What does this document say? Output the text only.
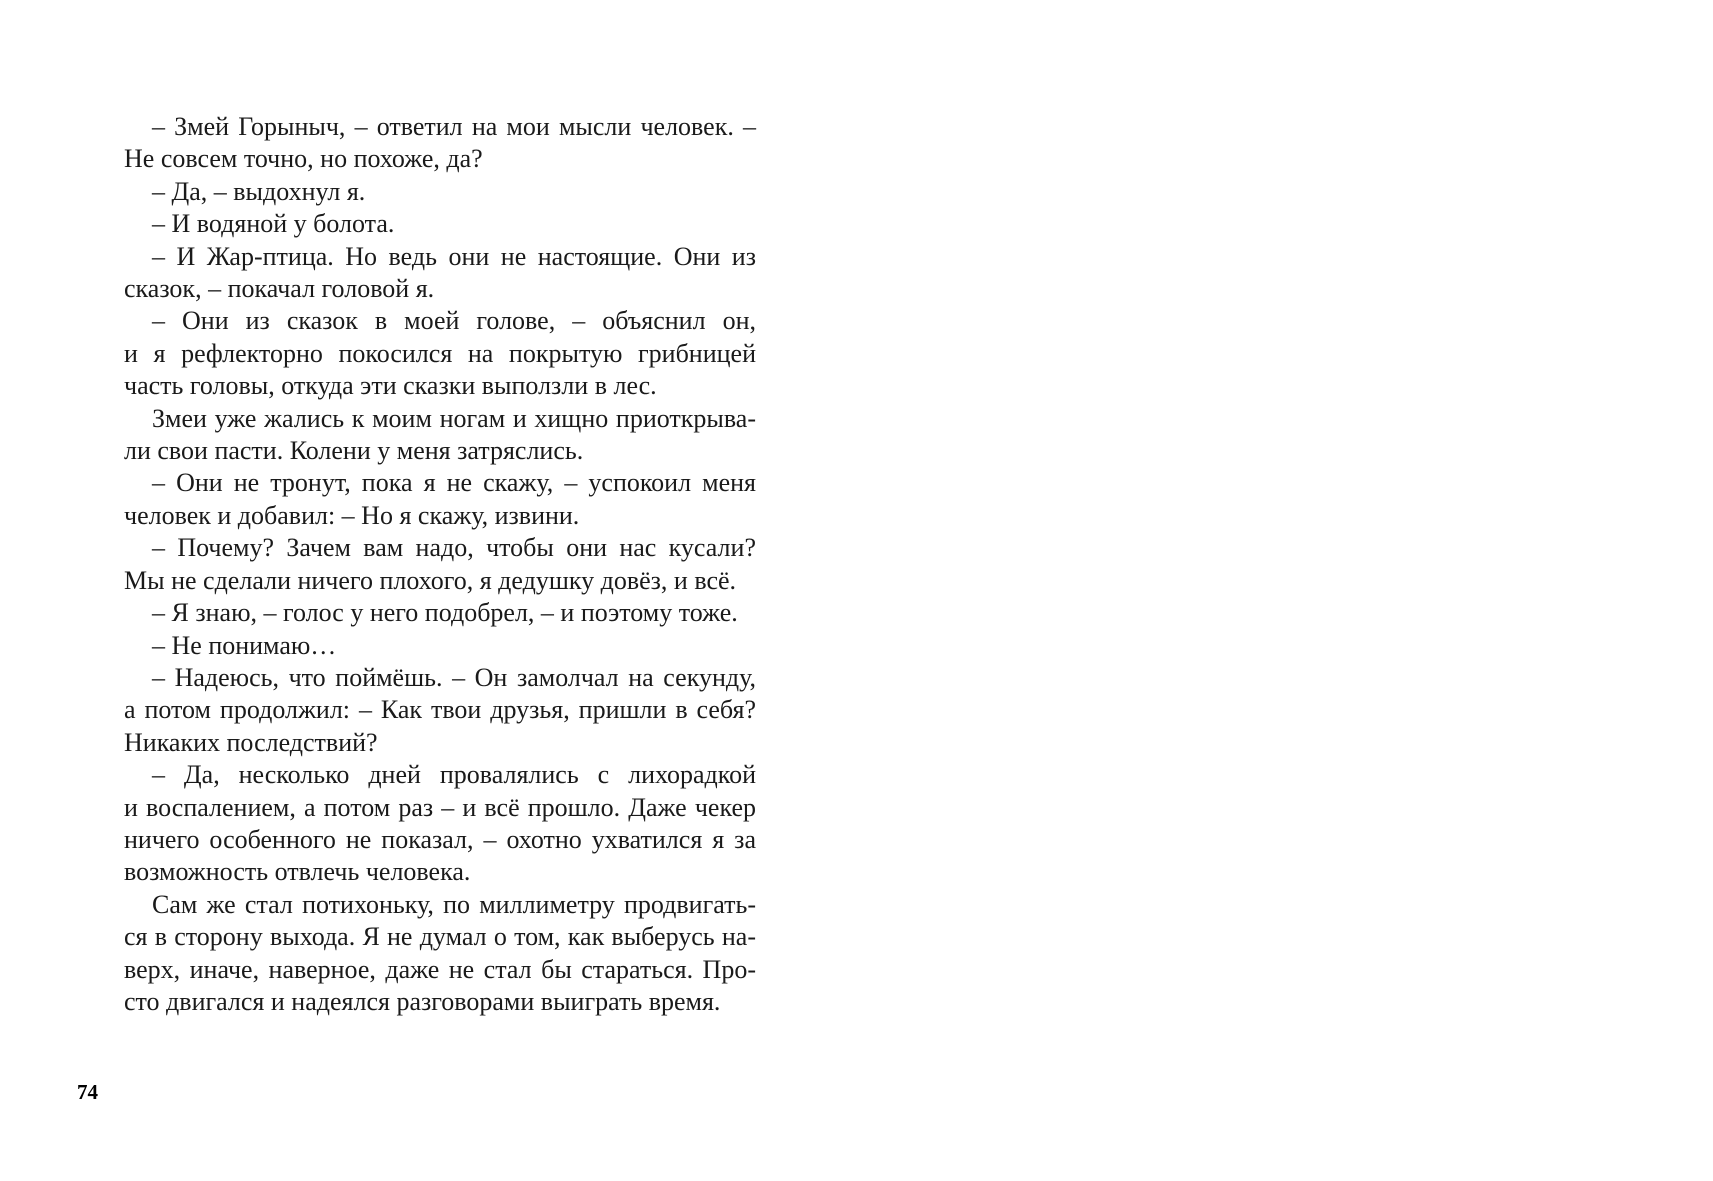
– Змей Горыныч, – ответил на мои мысли человек. –
Не совсем точно, но похоже, да?

– Да, – выдохнул я.

– И водяной у болота.

– И Жар-птица. Но ведь они не настоящие. Они из
сказок, – покачал головой я.

– Они из сказок в моей голове, – объяснил он,
и я рефлекторно покосился на покрытую грибницей
часть головы, откуда эти сказки выползли в лес.

Змеи уже жались к моим ногам и хищно приоткрыва-
ли свои пасти. Колени у меня затряслись.

– Они не тронут, пока я не скажу, – успокоил меня
человек и добавил: – Но я скажу, извини.

– Почему? Зачем вам надо, чтобы они нас кусали?
Мы не сделали ничего плохого, я дедушку довёз, и всё.

– Я знаю, – голос у него подобрел, – и поэтому тоже.

– Не понимаю…

– Надеюсь, что поймёшь. – Он замолчал на секунду,
а потом продолжил: – Как твои друзья, пришли в себя?
Никаких последствий?

– Да, несколько дней провалялись с лихорадкой
и воспалением, а потом раз – и всё прошло. Даже чекер
ничего особенного не показал, – охотно ухватился я за
возможность отвлечь человека.

Сам же стал потихоньку, по миллиметру продвигать-
ся в сторону выхода. Я не думал о том, как выберусь на-
верх, иначе, наверное, даже не стал бы стараться. Про-
сто двигался и надеялся разговорами выиграть время.

74
